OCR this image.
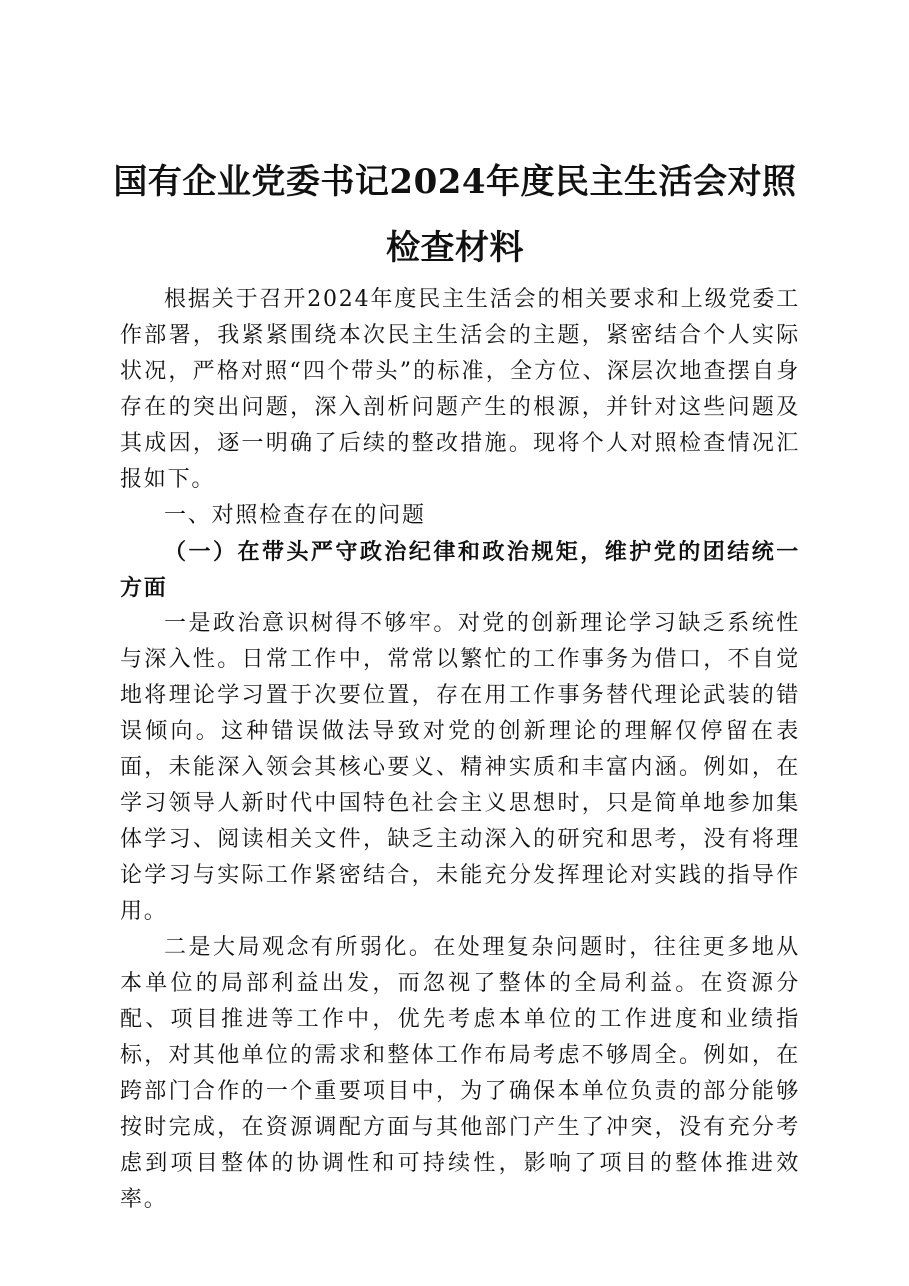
国有企业党委书记2024年度民主生活会对照
检查材料

根据关于召开2024年度民主生活会的相关要求和上级党委工作部署，我紧紧围绕本次民主生活会的主题，紧密结合个人实际状况，严格对照“四个带头”的标准，全方位、深层次地查摆自身存在的突出问题，深入剖析问题产生的根源，并针对这些问题及其成因，逐一明确了后续的整改措施。现将个人对照检查情况汇报如下。

一、对照检查存在的问题

（一）在带头严守政治纪律和政治规矩，维护党的团结统一方面

一是政治意识树得不够牢。对党的创新理论学习缺乏系统性与深入性。日常工作中，常常以繁忙的工作事务为借口，不自觉地将理论学习置于次要位置，存在用工作事务替代理论武装的错误倾向。这种错误做法导致对党的创新理论的理解仅停留在表面，未能深入领会其核心要义、精神实质和丰富内涵。例如，在学习领导人新时代中国特色社会主义思想时，只是简单地参加集体学习、阅读相关文件，缺乏主动深入的研究和思考，没有将理论学习与实际工作紧密结合，未能充分发挥理论对实践的指导作用。

二是大局观念有所弱化。在处理复杂问题时，往往更多地从本单位的局部利益出发，而忽视了整体的全局利益。在资源分配、项目推进等工作中，优先考虑本单位的工作进度和业绩指标，对其他单位的需求和整体工作布局考虑不够周全。例如，在跨部门合作的一个重要项目中，为了确保本单位负责的部分能够按时完成，在资源调配方面与其他部门产生了冲突，没有充分考虑到项目整体的协调性和可持续性，影响了项目的整体推进效率。
